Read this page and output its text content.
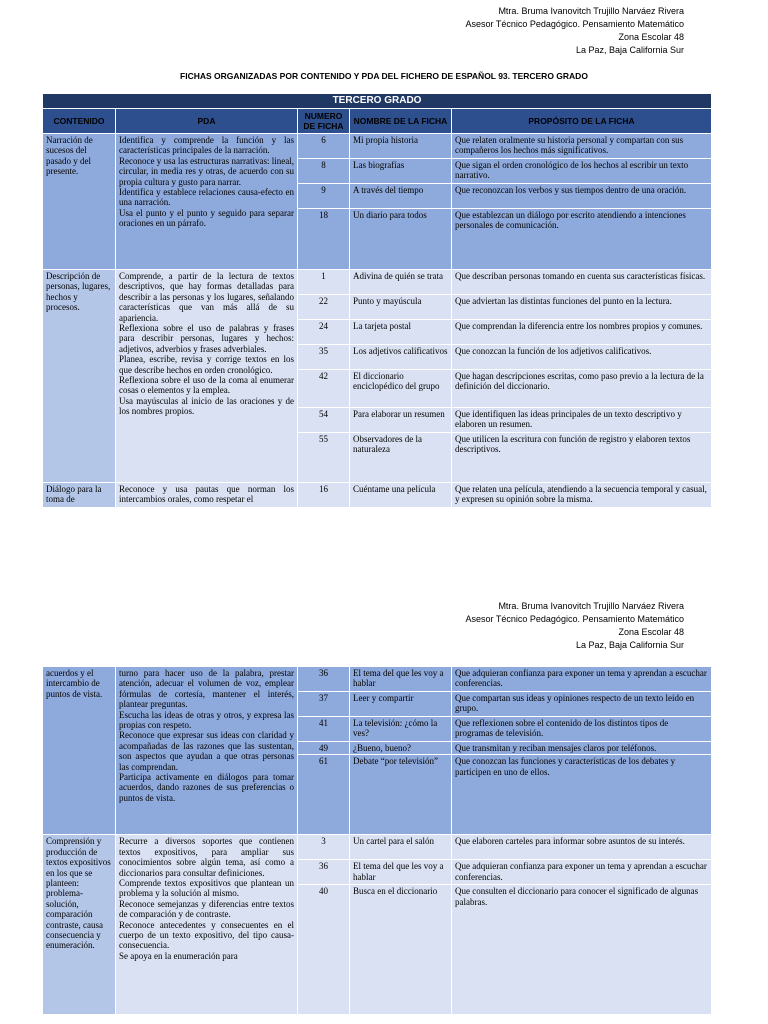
Mtra. Bruma Ivanovitch Trujillo Narváez Rivera
Asesor Técnico Pedagógico. Pensamiento Matemático
Zona Escolar 48
La Paz, Baja California Sur
FICHAS ORGANIZADAS POR CONTENIDO Y PDA DEL FICHERO DE ESPAÑOL 93. TERCERO GRADO
TERCERO GRADO				
CONTENIDO	PDA	NUMERO DE FICHA	NOMBRE DE LA FICHA	PROPÓSITO DE LA FICHA
Narración de sucesos del pasado y del presente.	Identifica y comprende la función y las características principales de la narración.
Reconoce y usa las estructuras narrativas: lineal, circular, in media res y otras, de acuerdo con su propia cultura y gusto para narrar.
Identifica y establece relaciones causa-efecto en una narración.
Usa el punto y el punto y seguido para separar oraciones en un párrafo.	6	Mi propia historia	Que relaten oralmente su historia personal y compartan con sus compañeros los hechos más significativos.
		8	Las biografías	Que sigan el orden cronológico de los hechos al escribir un texto narrativo.
		9	A través del tiempo	Que reconozcan los verbos y sus tiempos dentro de una oración.
		18	Un diario para todos	Que establezcan un diálogo por escrito atendiendo a intenciones personales de comunicación.
Descripción de personas, lugares, hechos y procesos.	Comprende, a partir de la lectura de textos descriptivos, que hay formas detalladas para describir a las personas y los lugares, señalando características que van más allá de su apariencia.
Reflexiona sobre el uso de palabras y frases para describir personas, lugares y hechos: adjetivos, adverbios y frases adverbiales.
Planea, escribe, revisa y corrige textos en los que describe hechos en orden cronológico.
Reflexiona sobre el uso de la coma al enumerar cosas o elementos y la emplea.
Usa mayúsculas al inicio de las oraciones y de los nombres propios.	1	Adivina de quién se trata	Que describan personas tomando en cuenta sus características físicas.
		22	Punto y mayúscula	Que adviertan las distintas funciones del punto en la lectura.
		24	La tarjeta postal	Que comprendan la diferencia entre los nombres propios y comunes.
		35	Los adjetivos calificativos	Que conozcan la función de los adjetivos calificativos.
		42	El diccionario enciclopédico del grupo	Que hagan descripciones escritas, como paso previo a la lectura de la definición del diccionario.
		54	Para elaborar un resumen	Que identifiquen las ideas principales de un texto descriptivo y elaboren un resumen.
		55	Observadores de la naturaleza	Que utilicen la escritura con función de registro y elaboren textos descriptivos.
Diálogo para la toma de	Reconoce y usa pautas que norman los intercambios orales, como respetar el	16	Cuéntame una película	Que relaten una película, atendiendo a la secuencia temporal y casual, y expresen su opinión sobre la misma.
Mtra. Bruma Ivanovitch Trujillo Narváez Rivera
Asesor Técnico Pedagógico. Pensamiento Matemático
Zona Escolar 48
La Paz, Baja California Sur
acuerdos y el intercambio de puntos de vista.	turno para hacer uso de la palabra, prestar atención, adecuar el volumen de voz, emplear fórmulas de cortesía, mantener el interés, plantear preguntas.
Escucha las ideas de otras y otros, y expresa las propias con respeto.
Reconoce que expresar sus ideas con claridad y acompañadas de las razones que las sustentan, son aspectos que ayudan a que otras personas las comprendan.
Participa activamente en diálogos para tomar acuerdos, dando razones de sus preferencias o puntos de vista.	36	El tema del que les voy a hablar	Que adquieran confianza para exponer un tema y aprendan a escuchar conferencias.
		37	Leer y compartir	Que compartan sus ideas y opiniones respecto de un texto leído en grupo.
		41	La televisión: ¿cómo la ves?	Que reflexionen sobre el contenido de los distintos tipos de programas de televisión.
		49	¿Bueno, bueno?	Que transmitan y reciban mensajes claros por teléfonos.
		61	Debate “por televisión”	Que conozcan las funciones y características de los debates y participen en uno de ellos.
Comprensión y producción de textos expositivos en los que se planteen: problema-solución, comparación contraste, causa consecuencia y enumeración.	Recurre a diversos soportes que contienen textos expositivos, para ampliar sus conocimientos sobre algún tema, así como a diccionarios para consultar definiciones.
Comprende textos expositivos que plantean un problema y la solución al mismo.
Reconoce semejanzas y diferencias entre textos de comparación y de contraste.
Reconoce antecedentes y consecuentes en el cuerpo de un texto expositivo, del tipo causa-consecuencia.
Se apoya en la enumeración para	3	Un cartel para el salón	Que elaboren carteles para informar sobre asuntos de su interés.
		36	El tema del que les voy a hablar	Que adquieran confianza para exponer un tema y aprendan a escuchar conferencias.
		40	Busca en el diccionario	Que consulten el diccionario para conocer el significado de algunas palabras.
